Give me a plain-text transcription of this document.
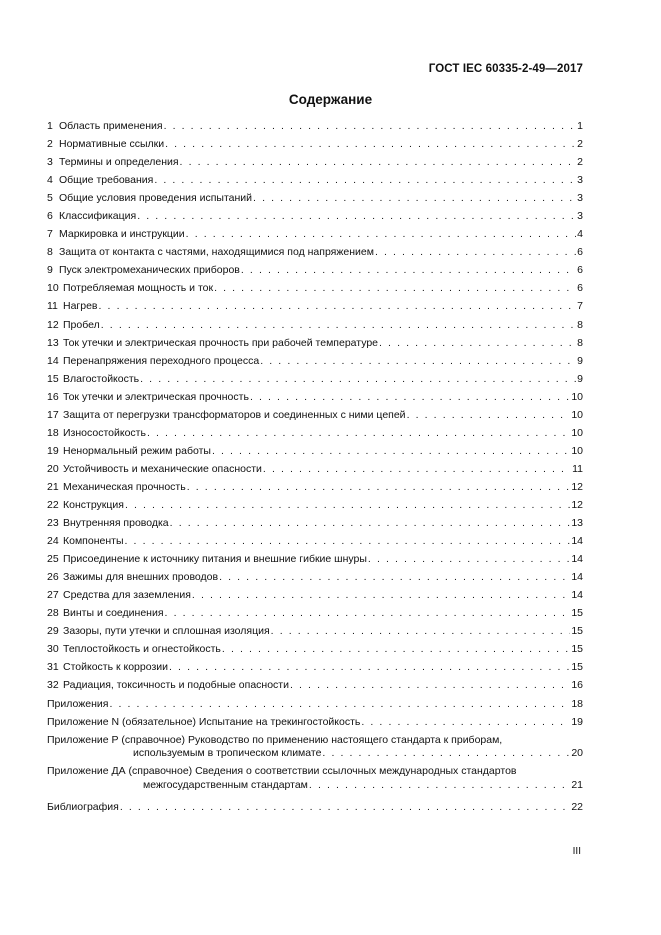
ГОСТ IEC 60335-2-49—2017
Содержание
1 Область применения . . .	1
2 Нормативные ссылки . . .	2
3 Термины и определения . . .	2
4 Общие требования . . .	3
5 Общие условия проведения испытаний . . .	3
6 Классификация . . .	3
7 Маркировка и инструкции . . .	4
8 Защита от контакта с частями, находящимися под напряжением . . .	6
9 Пуск электромеханических приборов . . .	6
10 Потребляемая мощность и ток . . .	6
11 Нагрев . . .	7
12 Пробел . . .	8
13 Ток утечки и электрическая прочность при рабочей температуре . . .	8
14 Перенапряжения переходного процесса . . .	9
15 Влагостойкость . . .	9
16 Ток утечки и электрическая прочность . . .	10
17 Защита от перегрузки трансформаторов и соединенных с ними цепей . . .	10
18 Износостойкость . . .	10
19 Ненормальный режим работы . . .	10
20 Устойчивость и механические опасности . . .	11
21 Механическая прочность . . .	12
22 Конструкция . . .	12
23 Внутренняя проводка . . .	13
24 Компоненты . . .	14
25 Присоединение к источнику питания и внешние гибкие шнуры . . .	14
26 Зажимы для внешних проводов . . .	14
27 Средства для заземления . . .	14
28 Винты и соединения . . .	15
29 Зазоры, пути утечки и сплошная изоляция . . .	15
30 Теплостойкость и огнестойкость . . .	15
31 Стойкость к коррозии . . .	15
32 Радиация, токсичность и подобные опасности . . .	16
Приложения . . .	18
Приложение N (обязательное) Испытание на трекингостойкость . . .	19
Приложение Р (справочное) Руководство по применению настоящего стандарта к приборам,
используемым в тропическом климате . . .	20
Приложение ДА (справочное) Сведения о соответствии ссылочных международных стандартов
межгосударственным стандартам . . .	21
Библиография . . .	22
III
